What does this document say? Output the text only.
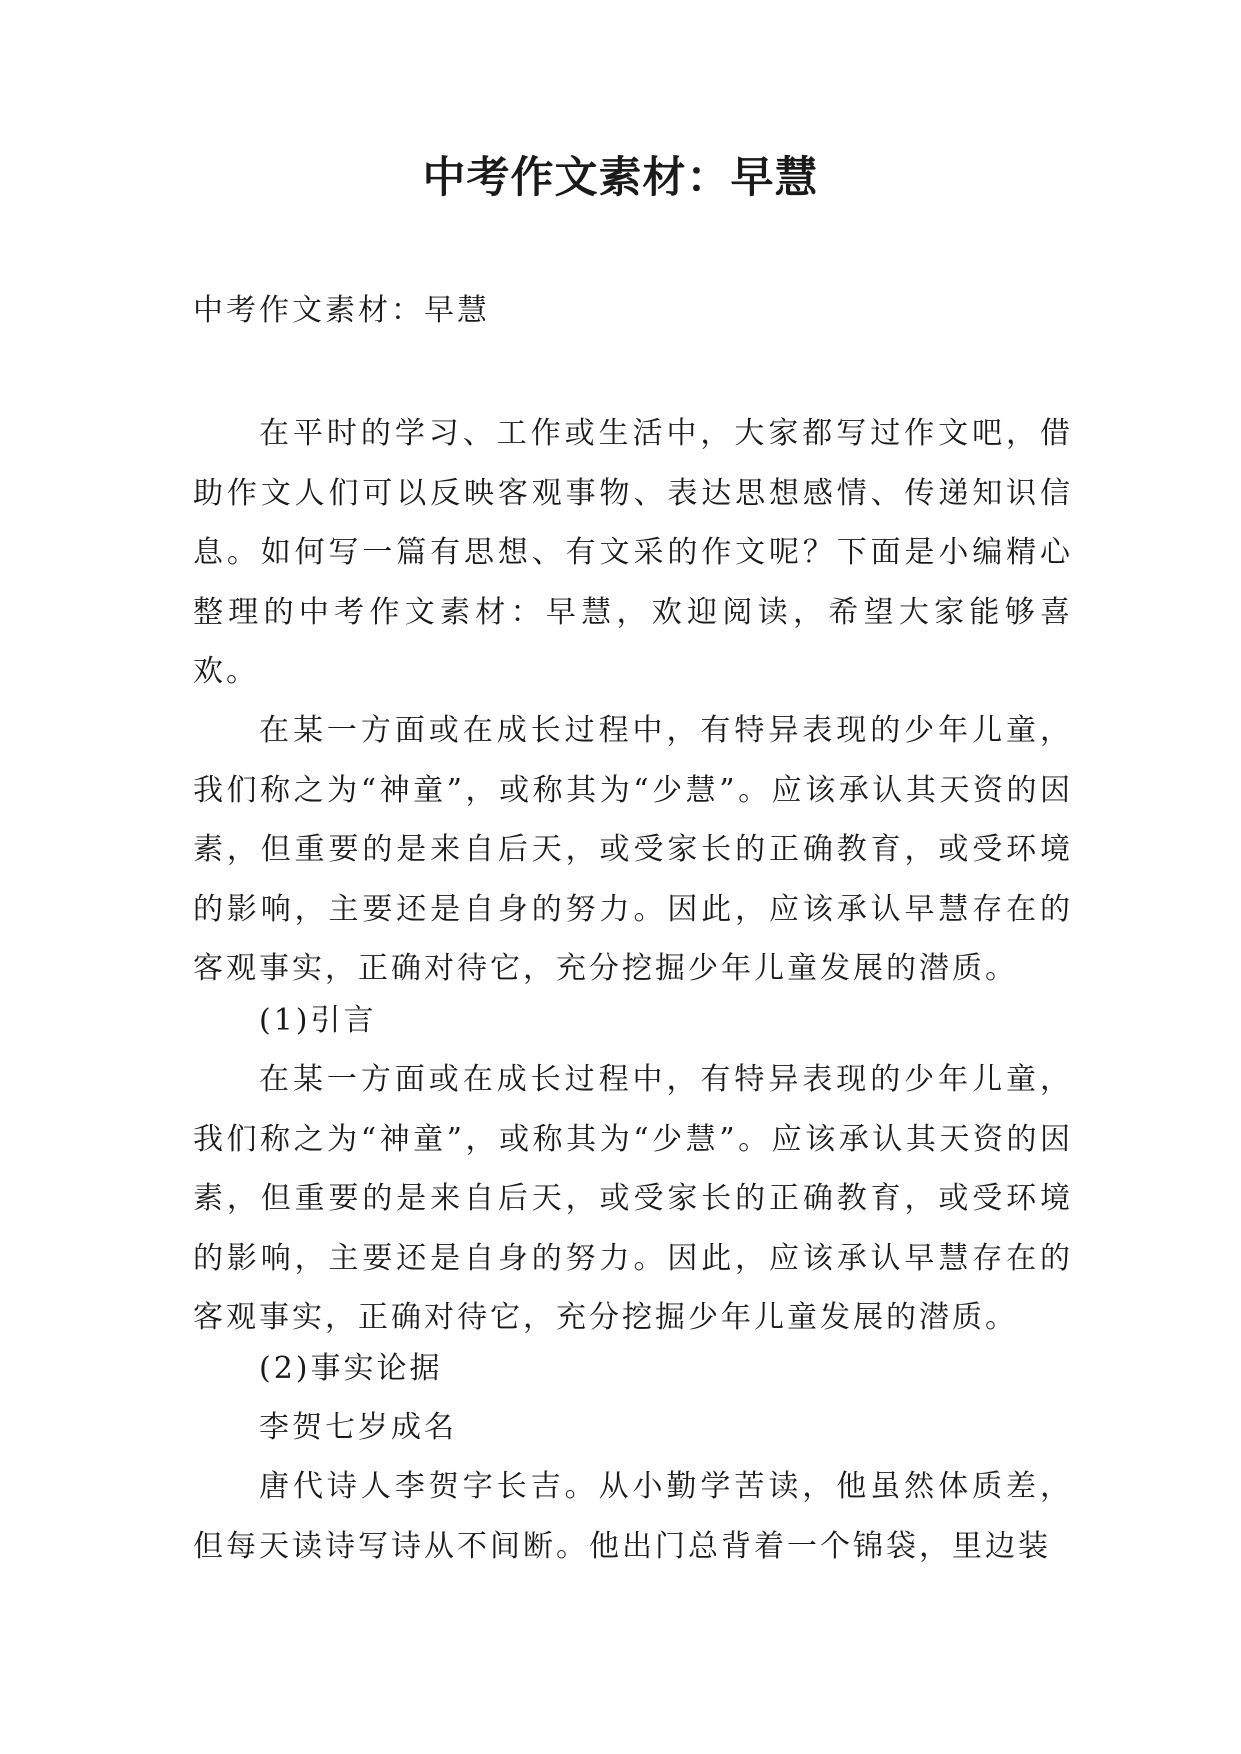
中考作文素材：早慧

中考作文素材：早慧

在平时的学习、工作或生活中，大家都写过作文吧，借助作文人们可以反映客观事物、表达思想感情、传递知识信息。如何写一篇有思想、有文采的作文呢？下面是小编精心整理的中考作文素材：早慧，欢迎阅读，希望大家能够喜欢。

在某一方面或在成长过程中，有特异表现的少年儿童，我们称之为“神童”，或称其为“少慧”。应该承认其天资的因素，但重要的是来自后天，或受家长的正确教育，或受环境的影响，主要还是自身的努力。因此，应该承认早慧存在的客观事实，正确对待它，充分挖掘少年儿童发展的潜质。

(1)引言

在某一方面或在成长过程中，有特异表现的少年儿童，我们称之为“神童”，或称其为“少慧”。应该承认其天资的因素，但重要的是来自后天，或受家长的正确教育，或受环境的影响，主要还是自身的努力。因此，应该承认早慧存在的客观事实，正确对待它，充分挖掘少年儿童发展的潜质。

(2)事实论据

李贺七岁成名

唐代诗人李贺字长吉。从小勤学苦读，他虽然体质差，但每天读诗写诗从不间断。他出门总背着一个锦袋，里边装
